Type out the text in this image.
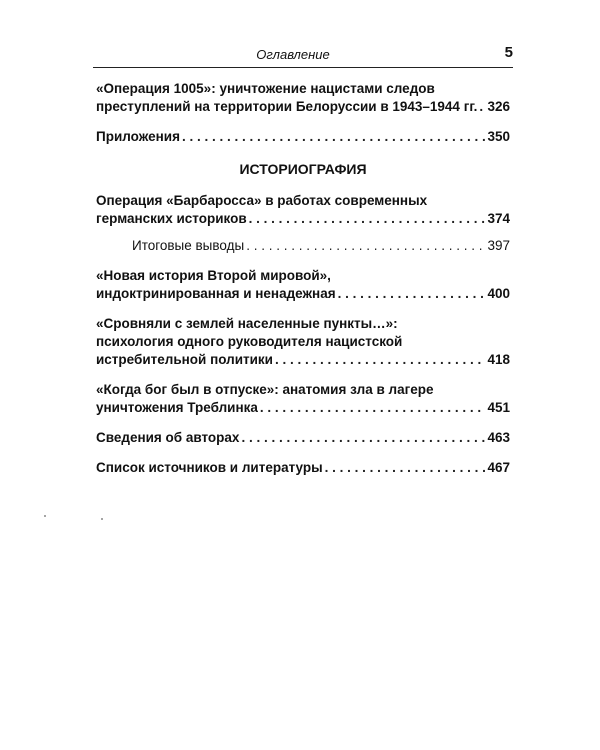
Оглавление	5
«Операция 1005»: уничтожение нацистами следов
преступлений на территории Белоруссии в 1943–1944 гг. . . . 326
Приложения . . .	350
ИСТОРИОГРАФИЯ
Операция «Барбаросса» в работах современных
германских историков . . .	374
Итоговые выводы . . .	397
«Новая история Второй мировой»,
индоктринированная и ненадежная . . .	400
«Сровняли с землей населенные пункты…»:
психология одного руководителя нацистской
истребительной политики . . .	418
«Когда бог был в отпуске»: анатомия зла в лагере
уничтожения Треблинка . . .	451
Сведения об авторах . . .	463
Список источников и литературы . . .	467
